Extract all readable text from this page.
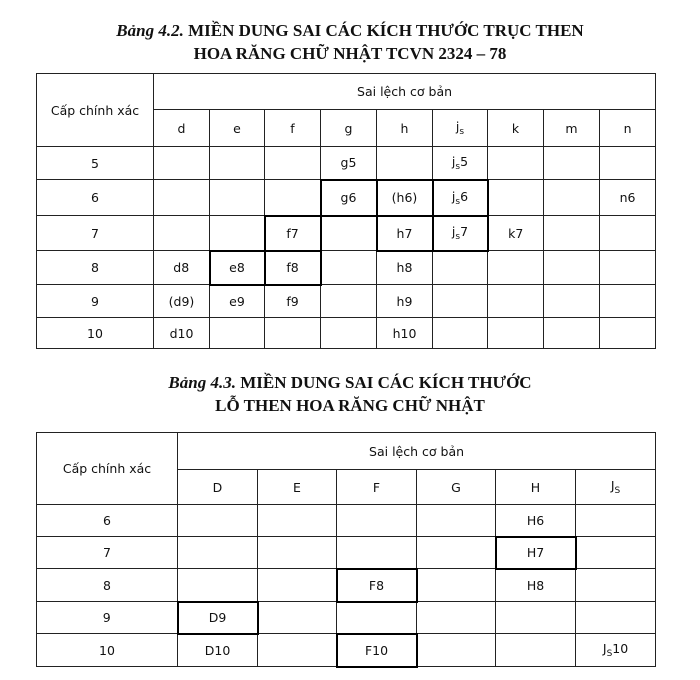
Bảng 4.2. MIỀN DUNG SAI CÁC KÍCH THƯỚC TRỤC THEN
HOA RĂNG CHỮ NHẬT TCVN 2324 – 78
Cấp chính xác	Sai lệch cơ bản								
	d	e	f	g	h	$j_s$	k	m	n
5				g5		$j_s5$			
6				g6	(h6)	$j_s6$			n6
7			f7		h7	$j_s7$	k7		
8	d8	e8	f8		h8				
9	(d9)	e9	f9		h9				
10	d10				h10				
Bảng 4.3. MIỀN DUNG SAI CÁC KÍCH THƯỚC
LỖ THEN HOA RĂNG CHỮ NHẬT
Cấp chính xác	Sai lệch cơ bản					
	D	E	F	G	H	$J_S$
6					H6	
7					H7	
8			F8		H8	
9	D9					
10	D10		F10			$J_S10$
